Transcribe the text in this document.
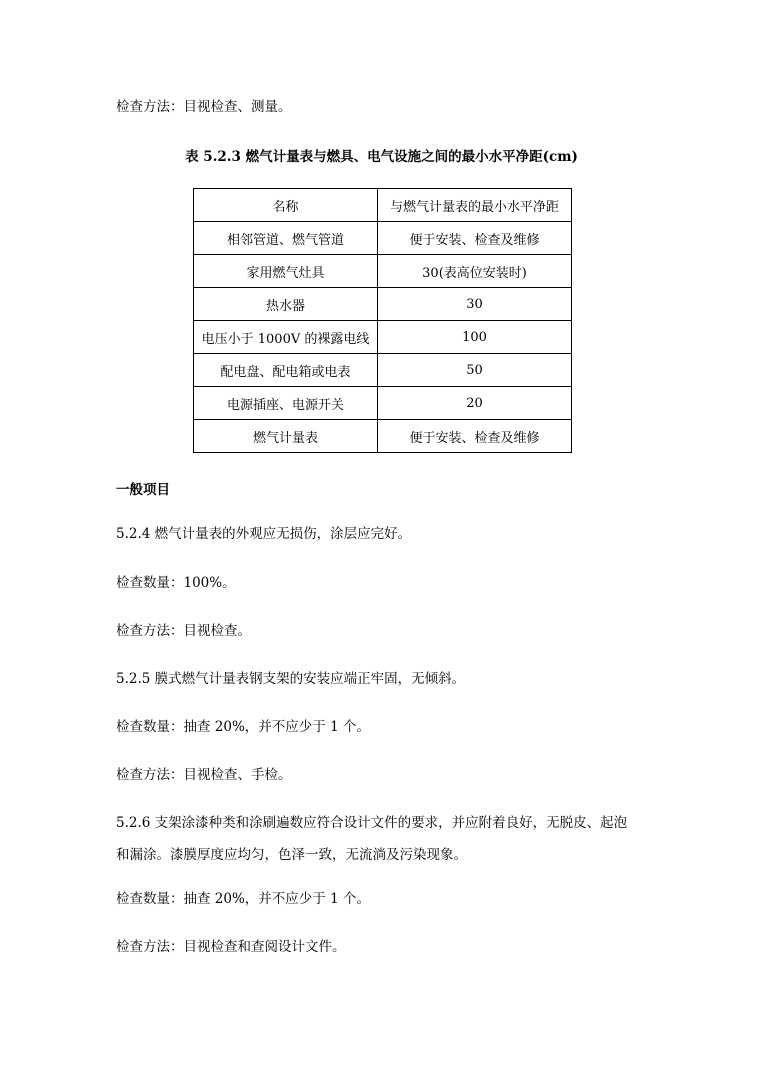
检查方法：目视检查、测量。

表 5.2.3 燃气计量表与燃具、电气设施之间的最小水平净距(cm)

名称	与燃气计量表的最小水平净距
相邻管道、燃气管道	便于安装、检查及维修
家用燃气灶具	30(表高位安装时)
热水器	30
电压小于 1000V 的裸露电线	100
配电盘、配电箱或电表	50
电源插座、电源开关	20
燃气计量表	便于安装、检查及维修

一般项目

5.2.4 燃气计量表的外观应无损伤，涂层应完好。

检查数量：100%。

检查方法：目视检查。

5.2.5 膜式燃气计量表钢支架的安装应端正牢固，无倾斜。

检查数量：抽查 20%，并不应少于 1 个。

检查方法：目视检查、手检。

5.2.6 支架涂漆种类和涂刷遍数应符合设计文件的要求，并应附着良好，无脱皮、起泡和漏涂。漆膜厚度应均匀，色泽一致，无流淌及污染现象。

检查数量：抽查 20%，并不应少于 1 个。

检查方法：目视检查和查阅设计文件。
